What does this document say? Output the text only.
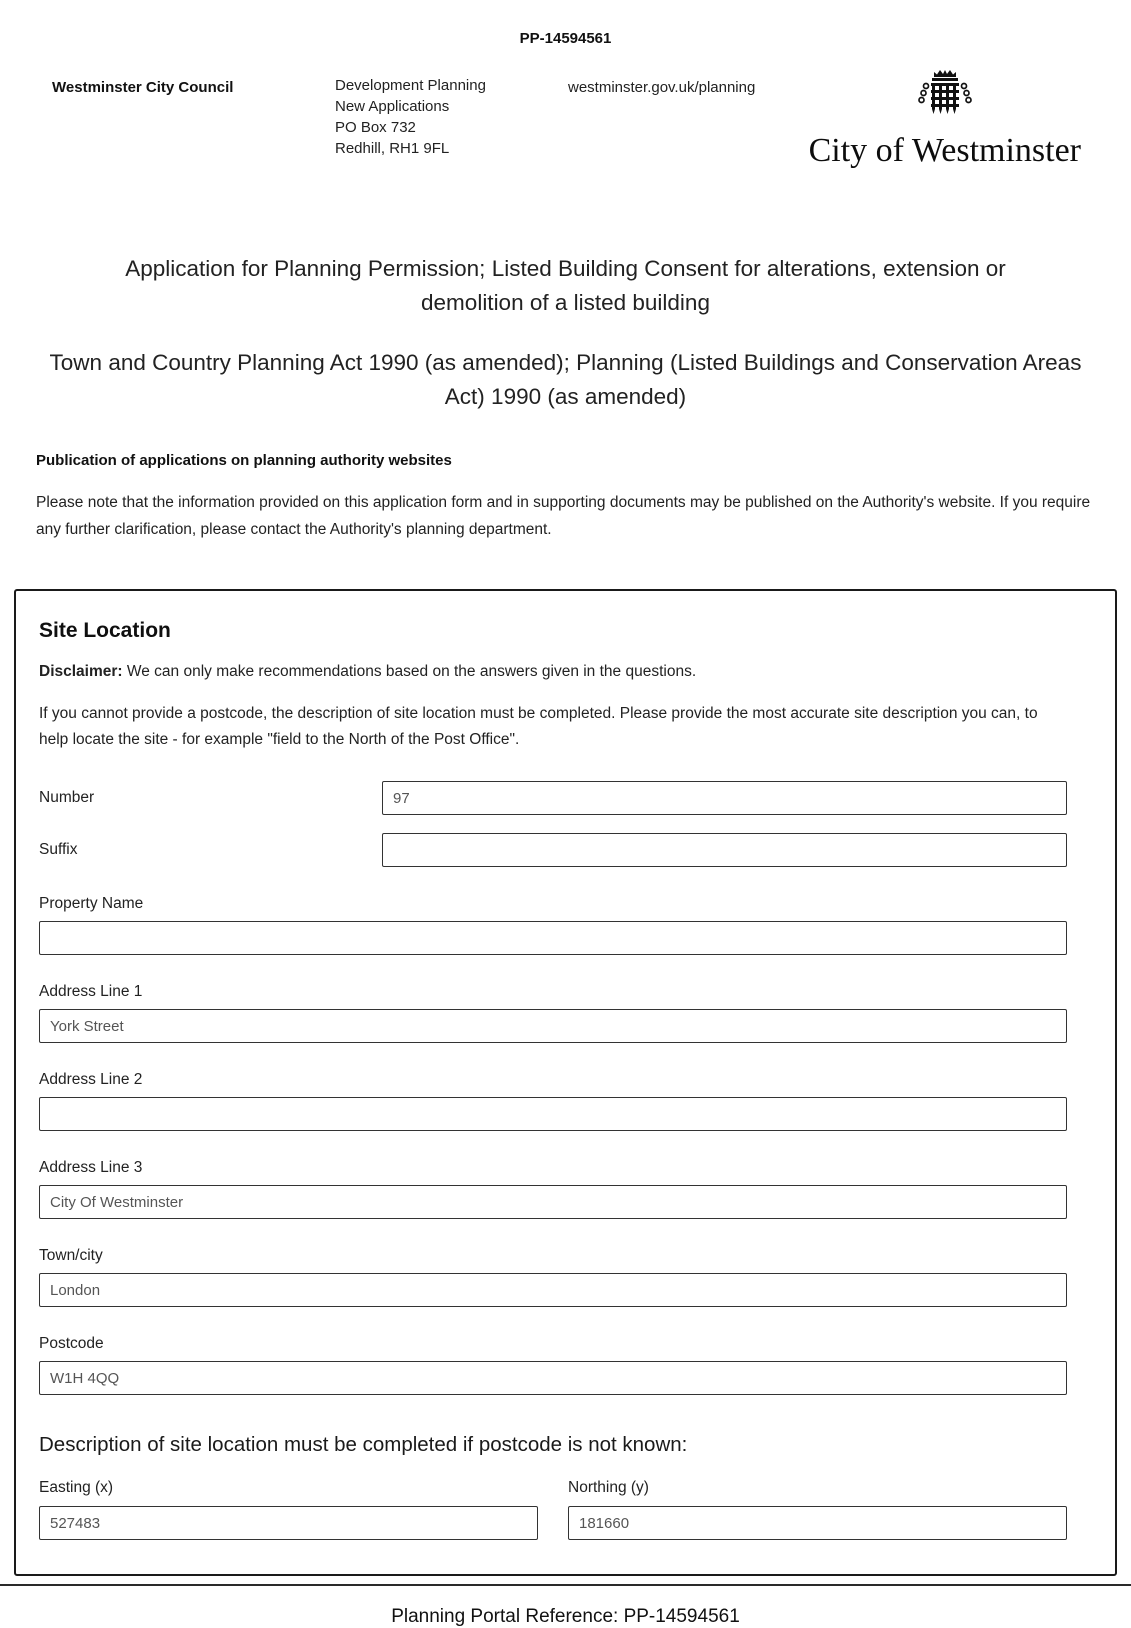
PP-14594561
Westminster City Council	Development Planning
New Applications
PO Box 732
Redhill, RH1 9FL
westminster.gov.uk/planning
City of Westminster
Application for Planning Permission; Listed Building Consent for alterations, extension or demolition of a listed building
Town and Country Planning Act 1990 (as amended); Planning (Listed Buildings and Conservation Areas Act) 1990 (as amended)
Publication of applications on planning authority websites

Please note that the information provided on this application form and in supporting documents may be published on the Authority's website. If you require any further clarification, please contact the Authority's planning department.

Site Location

Disclaimer: We can only make recommendations based on the answers given in the questions.

If you cannot provide a postcode, the description of site location must be completed. Please provide the most accurate site description you can, to help locate the site - for example "field to the North of the Post Office".

Number
97
Suffix
Property Name
Address Line 1
York Street
Address Line 2
Address Line 3
City Of Westminster
Town/city
London
Postcode
W1H 4QQ
Description of site location must be completed if postcode is not known:
Easting (x)
527483	Northing (y)
181660
Planning Portal Reference: PP-14594561
